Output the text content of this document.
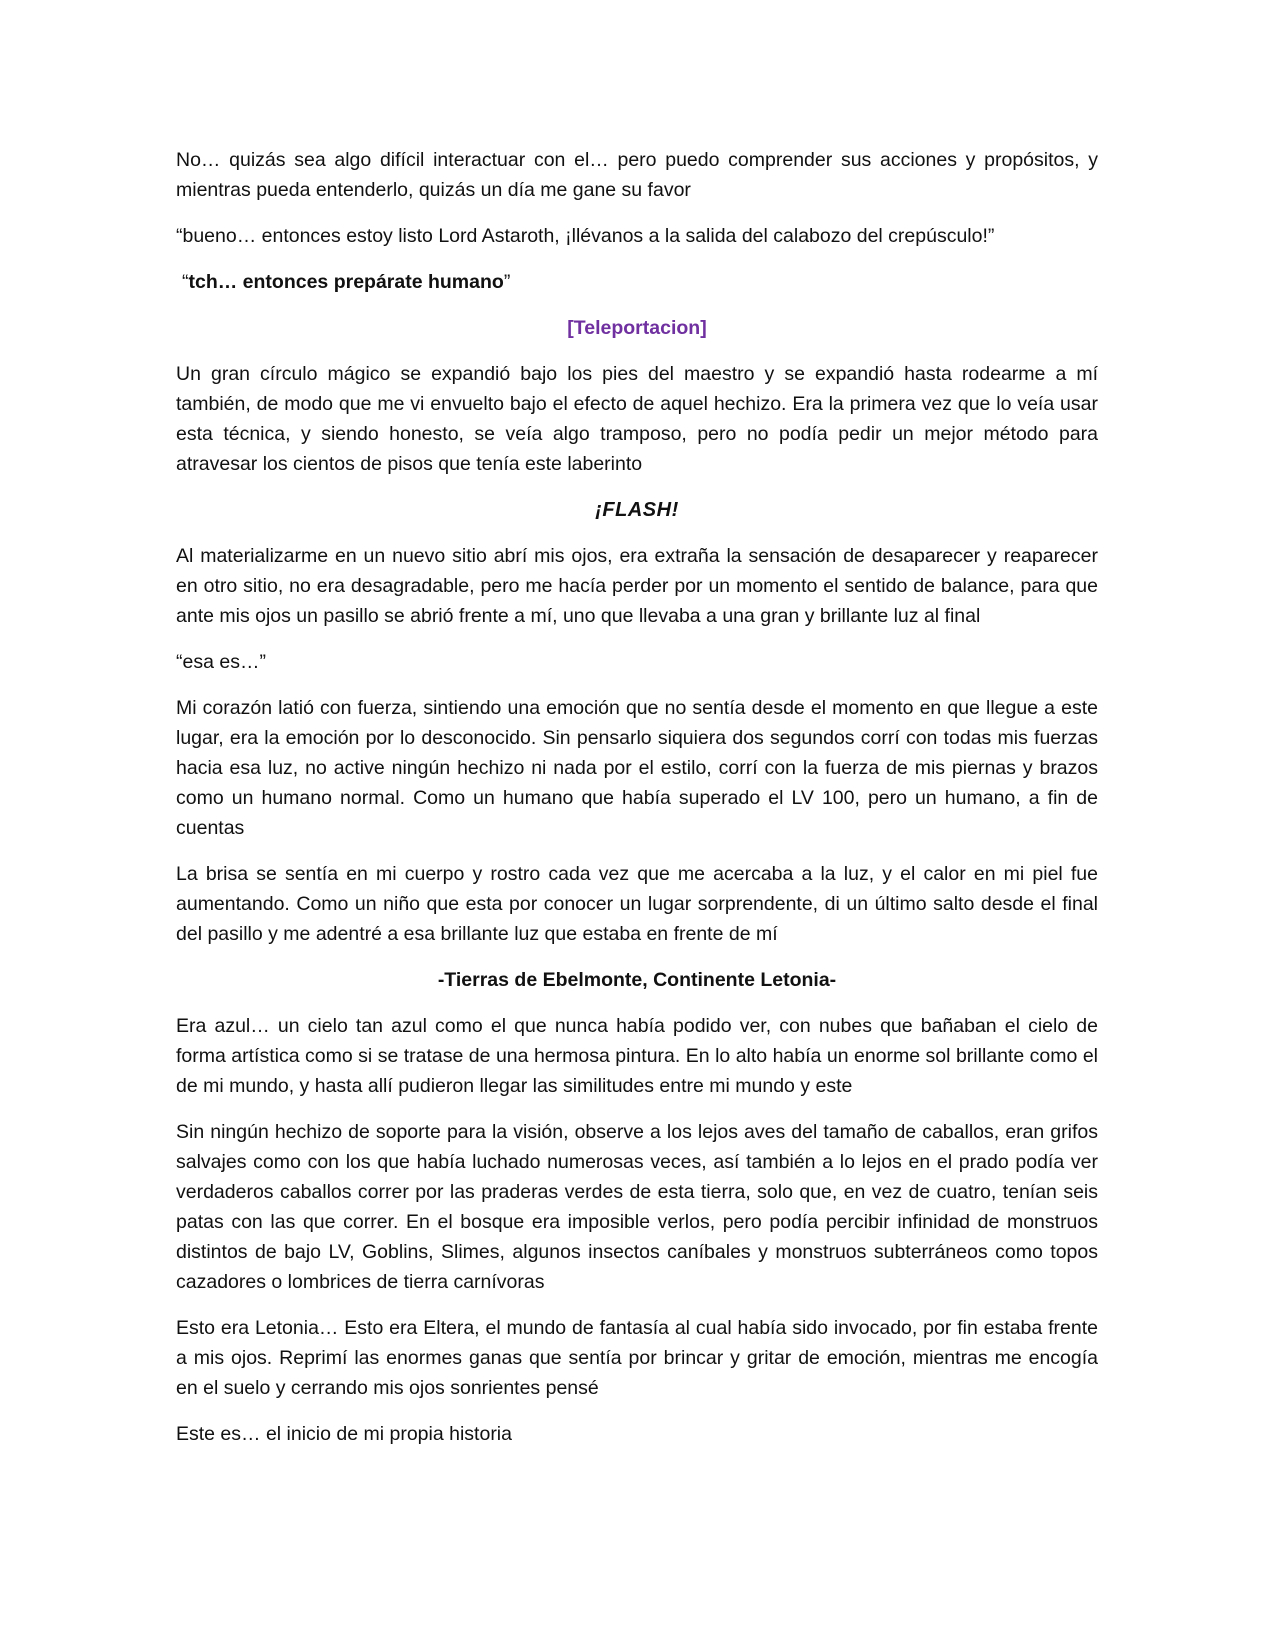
No… quizás sea algo difícil interactuar con el… pero puedo comprender sus acciones y propósitos, y mientras pueda entenderlo, quizás un día me gane su favor

“bueno… entonces estoy listo Lord Astaroth, ¡llévanos a la salida del calabozo del crepúsculo!”

“tch… entonces prepárate humano”

[Teleportacion]

Un gran círculo mágico se expandió bajo los pies del maestro y se expandió hasta rodearme a mí también, de modo que me vi envuelto bajo el efecto de aquel hechizo. Era la primera vez que lo veía usar esta técnica, y siendo honesto, se veía algo tramposo, pero no podía pedir un mejor método para atravesar los cientos de pisos que tenía este laberinto

¡FLASH!

Al materializarme en un nuevo sitio abrí mis ojos, era extraña la sensación de desaparecer y reaparecer en otro sitio, no era desagradable, pero me hacía perder por un momento el sentido de balance, para que ante mis ojos un pasillo se abrió frente a mí, uno que llevaba a una gran y brillante luz al final

“esa es…”

Mi corazón latió con fuerza, sintiendo una emoción que no sentía desde el momento en que llegue a este lugar, era la emoción por lo desconocido. Sin pensarlo siquiera dos segundos corrí con todas mis fuerzas hacia esa luz, no active ningún hechizo ni nada por el estilo, corrí con la fuerza de mis piernas y brazos como un humano normal. Como un humano que había superado el LV 100, pero un humano, a fin de cuentas

La brisa se sentía en mi cuerpo y rostro cada vez que me acercaba a la luz, y el calor en mi piel fue aumentando. Como un niño que esta por conocer un lugar sorprendente, di un último salto desde el final del pasillo y me adentré a esa brillante luz que estaba en frente de mí

-Tierras de Ebelmonte, Continente Letonia-

Era azul… un cielo tan azul como el que nunca había podido ver, con nubes que bañaban el cielo de forma artística como si se tratase de una hermosa pintura. En lo alto había un enorme sol brillante como el de mi mundo, y hasta allí pudieron llegar las similitudes entre mi mundo y este

Sin ningún hechizo de soporte para la visión, observe a los lejos aves del tamaño de caballos, eran grifos salvajes como con los que había luchado numerosas veces, así también a lo lejos en el prado podía ver verdaderos caballos correr por las praderas verdes de esta tierra, solo que, en vez de cuatro, tenían seis patas con las que correr. En el bosque era imposible verlos, pero podía percibir infinidad de monstruos distintos de bajo LV, Goblins, Slimes, algunos insectos caníbales y monstruos subterráneos como topos cazadores o lombrices de tierra carnívoras

Esto era Letonia… Esto era Eltera, el mundo de fantasía al cual había sido invocado, por fin estaba frente a mis ojos. Reprimí las enormes ganas que sentía por brincar y gritar de emoción, mientras me encogía en el suelo y cerrando mis ojos sonrientes pensé

Este es… el inicio de mi propia historia
